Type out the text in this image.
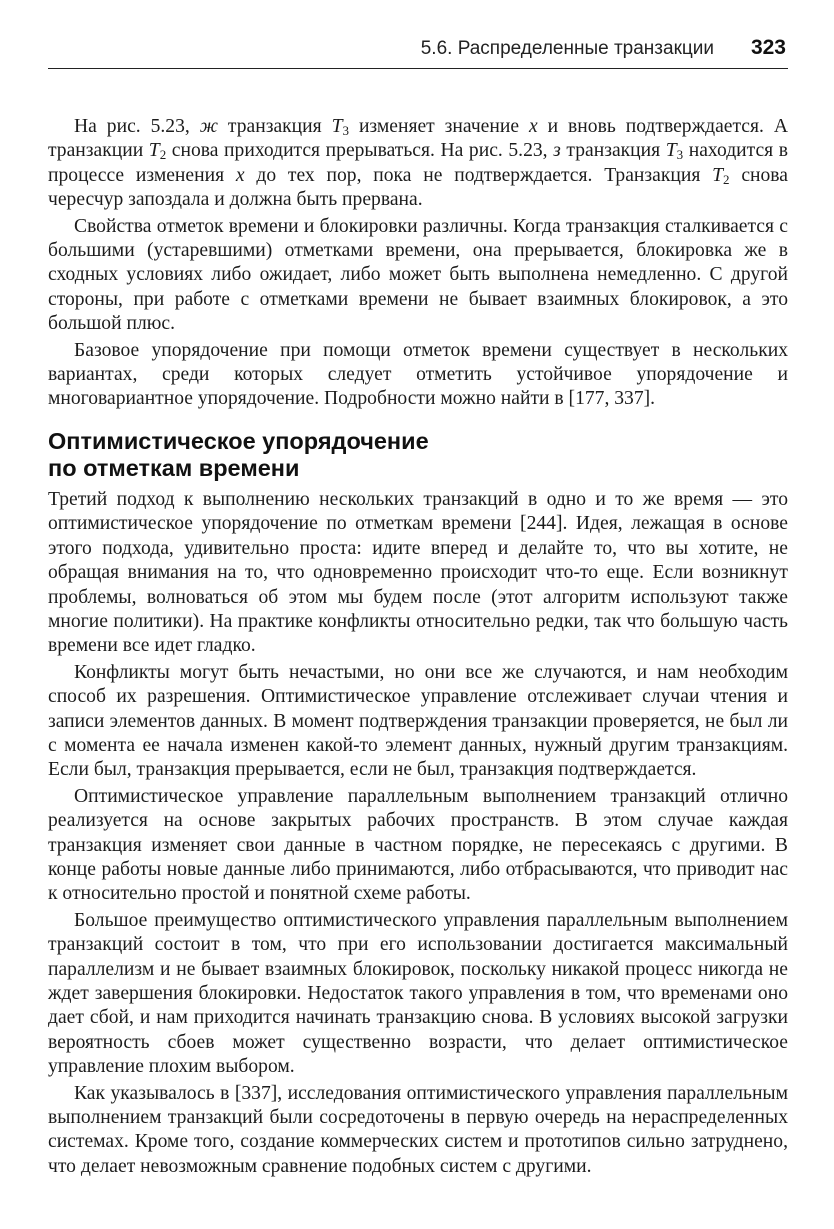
5.6. Распределенные транзакции 323

На рис. 5.23, ж транзакция $T_3$ изменяет значение x и вновь подтверждается. А транзакции $T_2$ снова приходится прерываться. На рис. 5.23, з транзакция $T_3$ находится в процессе изменения x до тех пор, пока не подтверждается. Транзакция $T_2$ снова чересчур запоздала и должна быть прервана.

Свойства отметок времени и блокировки различны. Когда транзакция сталкивается с большими (устаревшими) отметками времени, она прерывается, блокировка же в сходных условиях либо ожидает, либо может быть выполнена немедленно. С другой стороны, при работе с отметками времени не бывает взаимных блокировок, а это большой плюс.

Базовое упорядочение при помощи отметок времени существует в нескольких вариантах, среди которых следует отметить устойчивое упорядочение и многовариантное упорядочение. Подробности можно найти в [177, 337].

Оптимистическое упорядочение
по отметкам времени

Третий подход к выполнению нескольких транзакций в одно и то же время — это оптимистическое упорядочение по отметкам времени [244]. Идея, лежащая в основе этого подхода, удивительно проста: идите вперед и делайте то, что вы хотите, не обращая внимания на то, что одновременно происходит что-то еще. Если возникнут проблемы, волноваться об этом мы будем после (этот алгоритм используют также многие политики). На практике конфликты относительно редки, так что большую часть времени все идет гладко.

Конфликты могут быть нечастыми, но они все же случаются, и нам необходим способ их разрешения. Оптимистическое управление отслеживает случаи чтения и записи элементов данных. В момент подтверждения транзакции проверяется, не был ли с момента ее начала изменен какой-то элемент данных, нужный другим транзакциям. Если был, транзакция прерывается, если не был, транзакция подтверждается.

Оптимистическое управление параллельным выполнением транзакций отлично реализуется на основе закрытых рабочих пространств. В этом случае каждая транзакция изменяет свои данные в частном порядке, не пересекаясь с другими. В конце работы новые данные либо принимаются, либо отбрасываются, что приводит нас к относительно простой и понятной схеме работы.

Большое преимущество оптимистического управления параллельным выполнением транзакций состоит в том, что при его использовании достигается максимальный параллелизм и не бывает взаимных блокировок, поскольку никакой процесс никогда не ждет завершения блокировки. Недостаток такого управления в том, что временами оно дает сбой, и нам приходится начинать транзакцию снова. В условиях высокой загрузки вероятность сбоев может существенно возрасти, что делает оптимистическое управление плохим выбором.

Как указывалось в [337], исследования оптимистического управления параллельным выполнением транзакций были сосредоточены в первую очередь на нераспределенных системах. Кроме того, создание коммерческих систем и прототипов сильно затруднено, что делает невозможным сравнение подобных систем с другими.
